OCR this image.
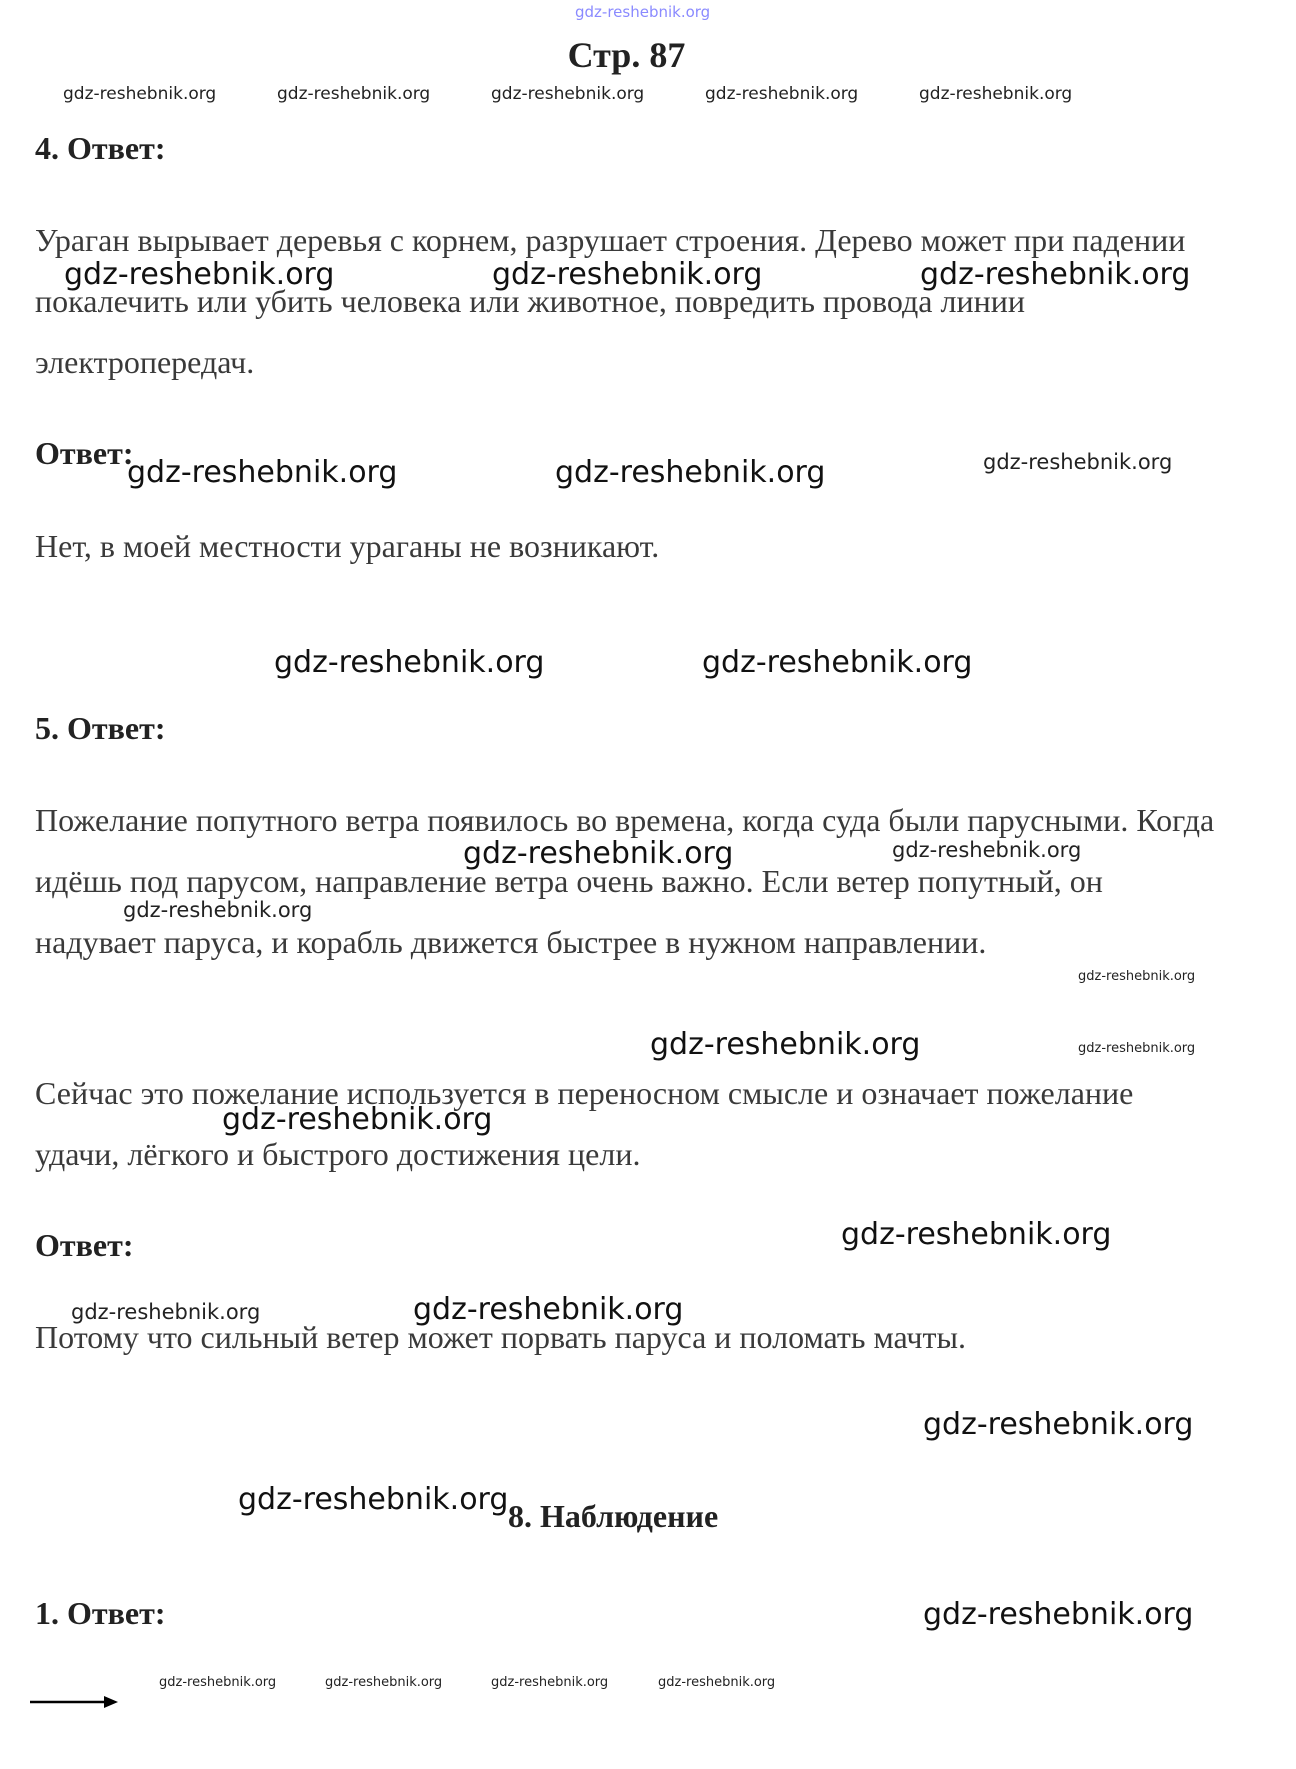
gdz-reshebnik.org
Стр. 87
4. Ответ:

Ураган вырывает деревья с корнем, разрушает строения. Дерево может при падении покалечить или убить человека или животное, повредить провода линии электропередач.

Ответ:

Нет, в моей местности ураганы не возникают.

5. Ответ:

Пожелание попутного ветра появилось во времена, когда суда были парусными. Когда идёшь под парусом, направление ветра очень важно. Если ветер попутный, он надувает паруса, и корабль движется быстрее в нужном направлении.

Сейчас это пожелание используется в переносном смысле и означает пожелание удачи, лёгкого и быстрого достижения цели.

Ответ:

Потому что сильный ветер может порвать паруса и поломать мачты.

8. Наблюдение
1. Ответ:
gdz-reshebnik.org	gdz-reshebnik.org	gdz-reshebnik.org	gdz-reshebnik.org	gdz-reshebnik.org
gdz-reshebnik.org	gdz-reshebnik.org	gdz-reshebnik.org
gdz-reshebnik.org	gdz-reshebnik.org	gdz-reshebnik.org
gdz-reshebnik.org	gdz-reshebnik.org
gdz-reshebnik.org	gdz-reshebnik.org
gdz-reshebnik.org
gdz-reshebnik.org
gdz-reshebnik.org	gdz-reshebnik.org
gdz-reshebnik.org
gdz-reshebnik.org
gdz-reshebnik.org	gdz-reshebnik.org
gdz-reshebnik.org
gdz-reshebnik.org
gdz-reshebnik.org
gdz-reshebnik.org	gdz-reshebnik.org	gdz-reshebnik.org	gdz-reshebnik.org
